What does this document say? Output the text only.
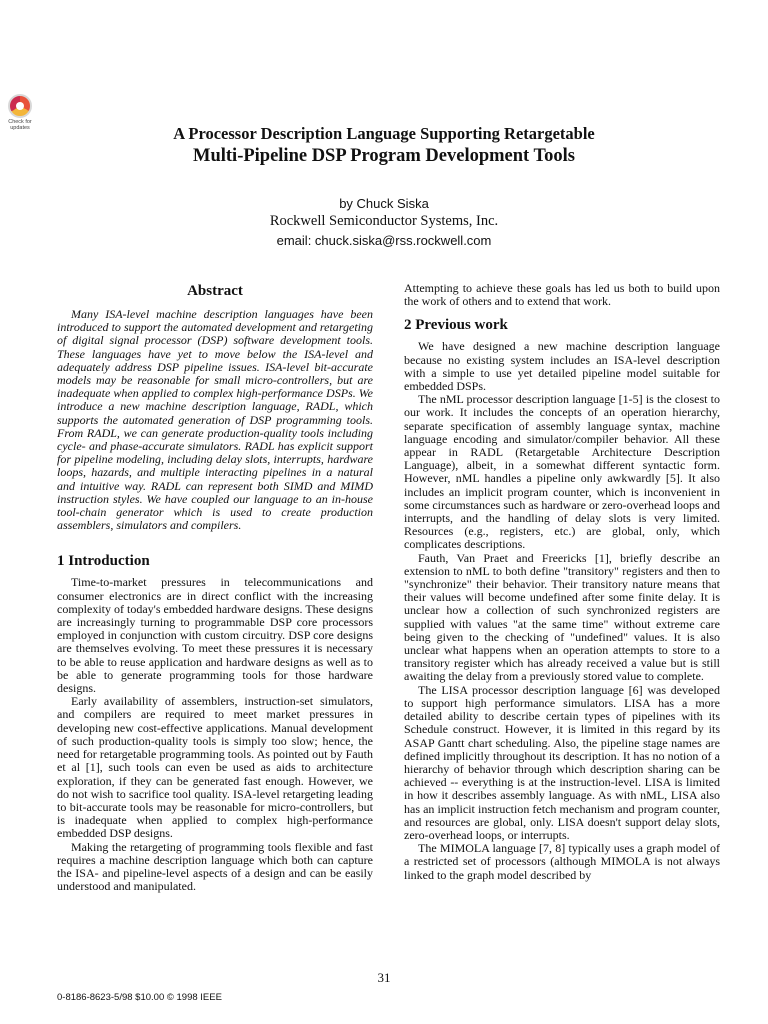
Check for updates	A Processor Description Language Supporting Retargetable
Multi-Pipeline DSP Program Development Tools
by Chuck Siska
Rockwell Semiconductor Systems, Inc.
email: chuck.siska@rss.rockwell.com
Abstract

Many ISA-level machine description languages have been introduced to support the automated development and retargeting of digital signal processor (DSP) software development tools. These languages have yet to move below the ISA-level and adequately address DSP pipeline issues. ISA-level bit-accurate models may be reasonable for small micro-controllers, but are inadequate when applied to complex high-performance DSPs. We introduce a new machine description language, RADL, which supports the automated generation of DSP programming tools. From RADL, we can generate production-quality tools including cycle- and phase-accurate simulators. RADL has explicit support for pipeline modeling, including delay slots, interrupts, hardware loops, hazards, and multiple interacting pipelines in a natural and intuitive way. RADL can represent both SIMD and MIMD instruction styles. We have coupled our language to an in-house tool-chain generator which is used to create production assemblers, simulators and compilers.

1 Introduction

Time-to-market pressures in telecommunications and consumer electronics are in direct conflict with the increasing complexity of today's embedded hardware designs. These designs are increasingly turning to programmable DSP core processors employed in conjunction with custom circuitry. DSP core designs are themselves evolving. To meet these pressures it is necessary to be able to reuse application and hardware designs as well as to be able to generate programming tools for those hardware designs.

Early availability of assemblers, instruction-set simulators, and compilers are required to meet market pressures in developing new cost-effective applications. Manual development of such production-quality tools is simply too slow; hence, the need for retargetable programming tools. As pointed out by Fauth et al [1], such tools can even be used as aids to architecture exploration, if they can be generated fast enough. However, we do not wish to sacrifice tool quality. ISA-level retargeting leading to bit-accurate tools may be reasonable for micro-controllers, but is inadequate when applied to complex high-performance embedded DSP designs.

Making the retargeting of programming tools flexible and fast requires a machine description language which both can capture the ISA- and pipeline-level aspects of a design and can be easily understood and manipulated.

Attempting to achieve these goals has led us both to build upon the work of others and to extend that work.

2 Previous work

We have designed a new machine description language because no existing system includes an ISA-level description with a simple to use yet detailed pipeline model suitable for embedded DSPs.

The nML processor description language [1-5] is the closest to our work. It includes the concepts of an operation hierarchy, separate specification of assembly language syntax, machine language encoding and simulator/compiler behavior. All these appear in RADL (Retargetable Architecture Description Language), albeit, in a somewhat different syntactic form. However, nML handles a pipeline only awkwardly [5]. It also includes an implicit program counter, which is inconvenient in some circumstances such as hardware or zero-overhead loops and interrupts, and the handling of delay slots is very limited. Resources (e.g., registers, etc.) are global, only, which complicates descriptions.

Fauth, Van Praet and Freericks [1], briefly describe an extension to nML to both define "transitory" registers and then to "synchronize" their behavior. Their transitory nature means that their values will become undefined after some finite delay. It is unclear how a collection of such synchronized registers are supplied with values "at the same time" without extreme care being given to the checking of "undefined" values. It is also unclear what happens when an operation attempts to store to a transitory register which has already received a value but is still awaiting the delay from a previously stored value to complete.

The LISA processor description language [6] was developed to support high performance simulators. LISA has a more detailed ability to describe certain types of pipelines with its Schedule construct. However, it is limited in this regard by its ASAP Gantt chart scheduling. Also, the pipeline stage names are defined implicitly throughout its description. It has no notion of a hierarchy of behavior through which description sharing can be achieved -- everything is at the instruction-level. LISA is limited in how it describes assembly language. As with nML, LISA also has an implicit instruction fetch mechanism and program counter, and resources are global, only. LISA doesn't support delay slots, zero-overhead loops, or interrupts.

The MIMOLA language [7, 8] typically uses a graph model of a restricted set of processors (although MIMOLA is not always linked to the graph model described by

31
0-8186-8623-5/98 $10.00 © 1998 IEEE
